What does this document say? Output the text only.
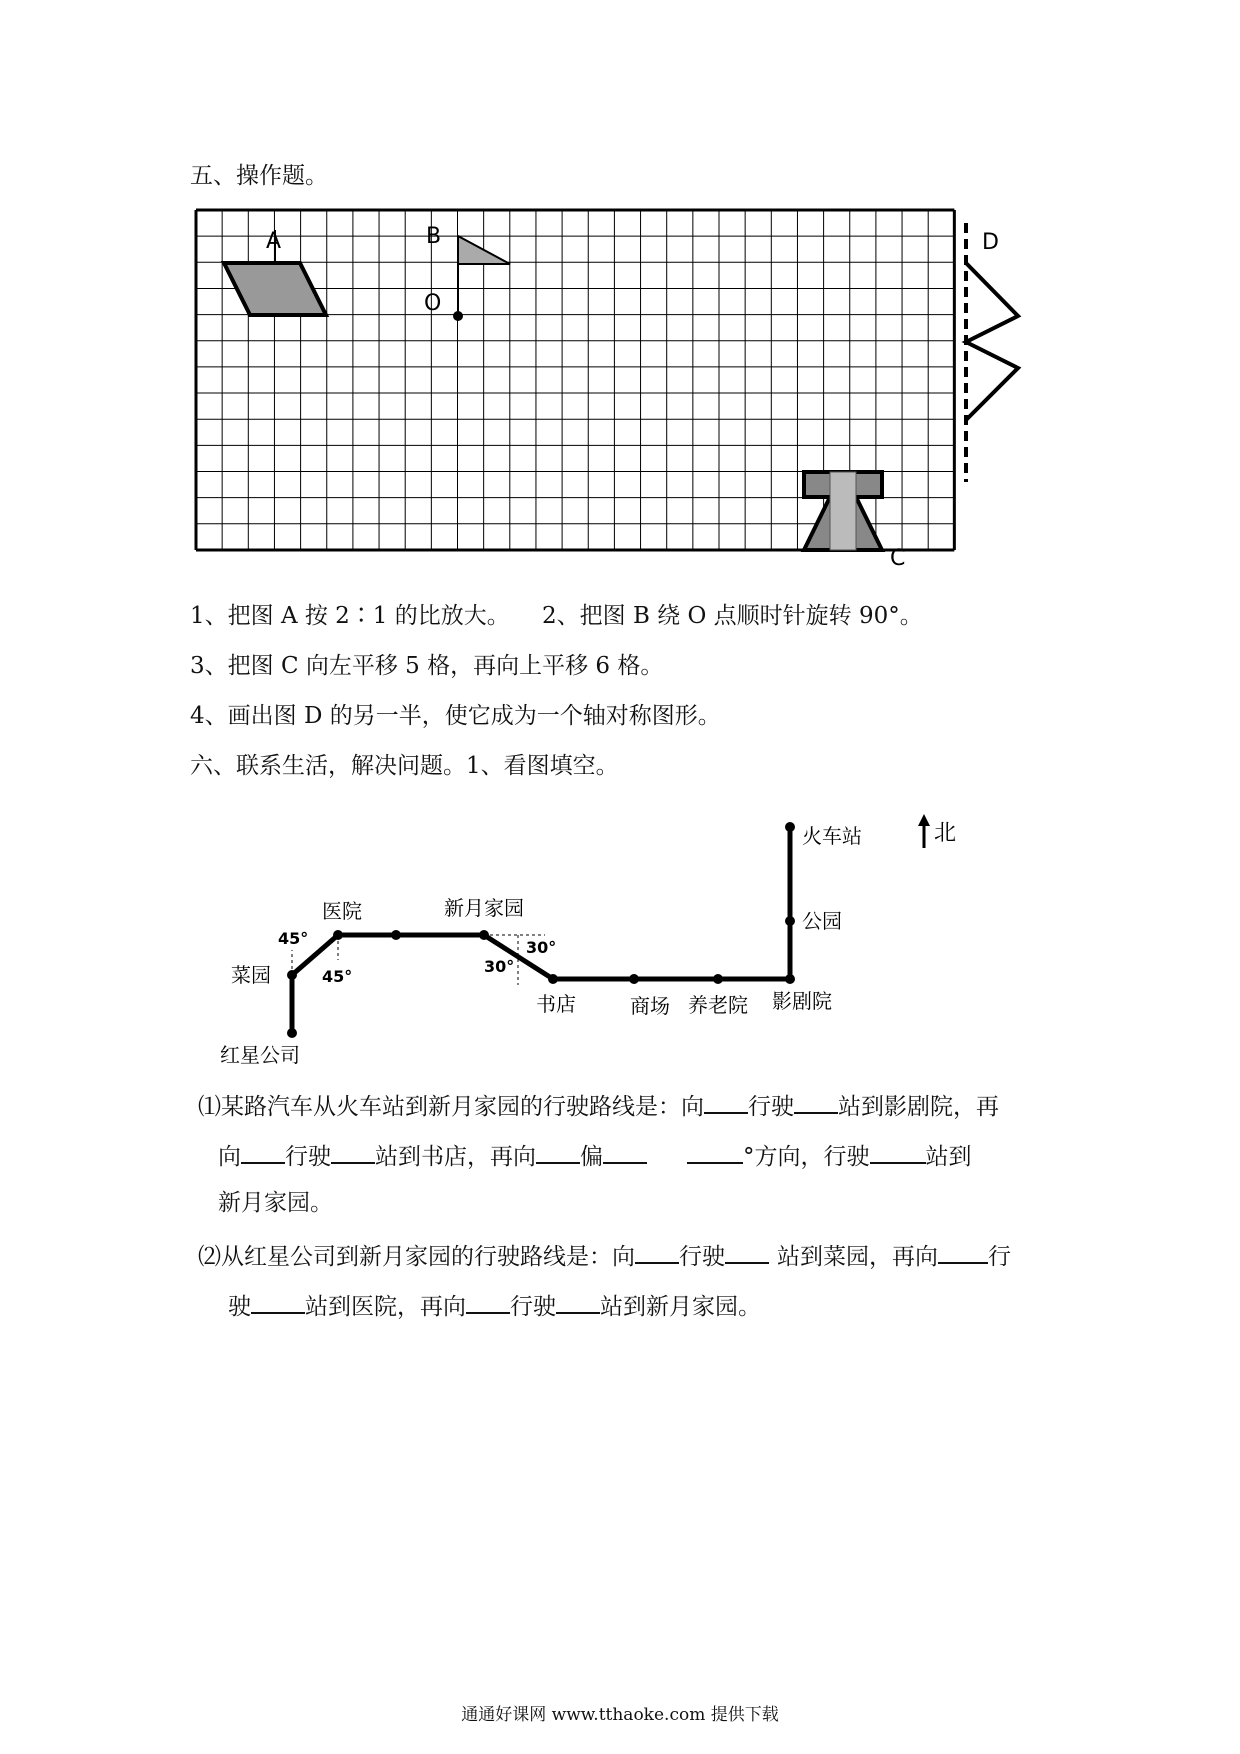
五、操作题。
A	B
O
C
D
北
火车站
公园
影剧院
养老院
商场
书店
新月家园
医院
菜园
红星公司
45°
45°
30°
30°
1、把图 A 按 2∶1 的比放大。 2、把图 B 绕 O 点顺时针旋转 90°。
3、把图 C 向左平移 5 格，再向上平移 6 格。
4、画出图 D 的另一半，使它成为一个轴对称图形。
六、联系生活，解决问题。1、看图填空。
⑴某路汽车从火车站到新月家园的行驶路线是：向 行驶 站到影剧院，再
向 行驶 站到书店，再向 偏	°方向，行驶 站到
新月家园。
⑵从红星公司到新月家园的行驶路线是：向 行驶 站到菜园，再向 行
驶 站到医院，再向 行驶 站到新月家园。
通通好课网 www.tthaoke.com 提供下载
